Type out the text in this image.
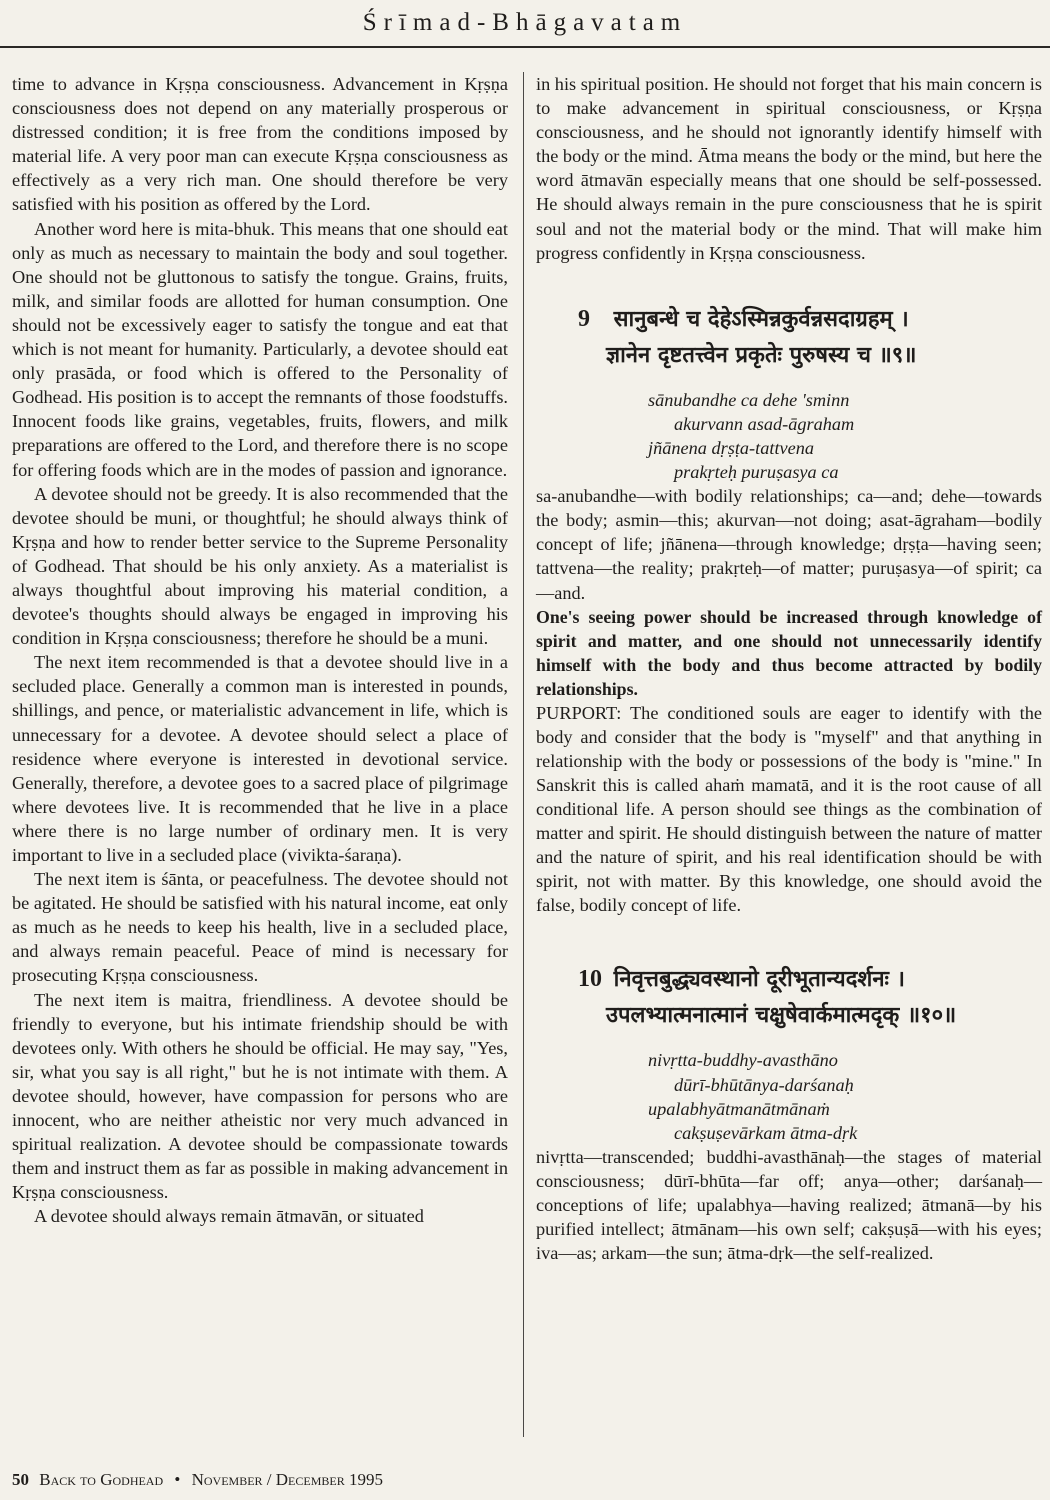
Śrīmad-Bhāgavatam

time to advance in Kṛṣṇa consciousness. Advancement in Kṛṣṇa consciousness does not depend on any materially prosperous or distressed condition; it is free from the conditions imposed by material life. A very poor man can execute Kṛṣṇa consciousness as effectively as a very rich man. One should therefore be very satisfied with his position as offered by the Lord.

Another word here is mita-bhuk. This means that one should eat only as much as necessary to maintain the body and soul together. One should not be gluttonous to satisfy the tongue. Grains, fruits, milk, and similar foods are allotted for human consumption. One should not be excessively eager to satisfy the tongue and eat that which is not meant for humanity. Particularly, a devotee should eat only prasāda, or food which is offered to the Personality of Godhead. His position is to accept the remnants of those foodstuffs. Innocent foods like grains, vegetables, fruits, flowers, and milk preparations are offered to the Lord, and therefore there is no scope for offering foods which are in the modes of passion and ignorance.

A devotee should not be greedy. It is also recommended that the devotee should be muni, or thoughtful; he should always think of Kṛṣṇa and how to render better service to the Supreme Personality of Godhead. That should be his only anxiety. As a materialist is always thoughtful about improving his material condition, a devotee's thoughts should always be engaged in improving his condition in Kṛṣṇa consciousness; therefore he should be a muni.

The next item recommended is that a devotee should live in a secluded place. Generally a common man is interested in pounds, shillings, and pence, or materialistic advancement in life, which is unnecessary for a devotee. A devotee should select a place of residence where everyone is interested in devotional service. Generally, therefore, a devotee goes to a sacred place of pilgrimage where devotees live. It is recommended that he live in a place where there is no large number of ordinary men. It is very important to live in a secluded place (vivikta-śaraṇa).

The next item is śānta, or peacefulness. The devotee should not be agitated. He should be satisfied with his natural income, eat only as much as he needs to keep his health, live in a secluded place, and always remain peaceful. Peace of mind is necessary for prosecuting Kṛṣṇa consciousness.

The next item is maitra, friendliness. A devotee should be friendly to everyone, but his intimate friendship should be with devotees only. With others he should be official. He may say, "Yes, sir, what you say is all right," but he is not intimate with them. A devotee should, however, have compassion for persons who are innocent, who are neither atheistic nor very much advanced in spiritual realization. A devotee should be compassionate towards them and instruct them as far as possible in making advancement in Kṛṣṇa consciousness.

A devotee should always remain ātmavān, or situated

in his spiritual position. He should not forget that his main concern is to make advancement in spiritual consciousness, or Kṛṣṇa consciousness, and he should not ignorantly identify himself with the body or the mind. Ātma means the body or the mind, but here the word ātmavān especially means that one should be self-possessed. He should always remain in the pure consciousness that he is spirit soul and not the material body or the mind. That will make him progress confidently in Kṛṣṇa consciousness.

9 सानुबन्धे च देहेऽस्मिन्नकुर्वन्नसदाग्रहम् ।
ज्ञानेन दृष्टतत्त्वेन प्रकृतेः पुरुषस्य च ॥९॥
sānubandhe ca dehe 'sminn
akurvann asad-āgraham
jñānena dṛṣṭa-tattvena
prakṛteḥ puruṣasya ca

sa-anubandhe—with bodily relationships; ca—and; dehe—towards the body; asmin—this; akurvan—not doing; asat-āgraham—bodily concept of life; jñānena—through knowledge; dṛṣṭa—having seen; tattvena—the reality; prakṛteḥ—of matter; puruṣasya—of spirit; ca—and.

One's seeing power should be increased through knowledge of spirit and matter, and one should not unnecessarily identify himself with the body and thus become attracted by bodily relationships.

PURPORT: The conditioned souls are eager to identify with the body and consider that the body is "myself" and that anything in relationship with the body or possessions of the body is "mine." In Sanskrit this is called ahaṁ mamatā, and it is the root cause of all conditional life. A person should see things as the combination of matter and spirit. He should distinguish between the nature of matter and the nature of spirit, and his real identification should be with spirit, not with matter. By this knowledge, one should avoid the false, bodily concept of life.

10 निवृत्तबुद्ध्यवस्थानो दूरीभूतान्यदर्शनः ।
उपलभ्यात्मनात्मानं चक्षुषेवार्कमात्मदृक् ॥१०॥
nivṛtta-buddhy-avasthāno
dūrī-bhūtānya-darśanaḥ
upalabhyātmanātmānaṁ
cakṣuṣevārkam ātma-dṛk

nivṛtta—transcended; buddhi-avasthānaḥ—the stages of material consciousness; dūrī-bhūta—far off; anya—other; darśanaḥ—conceptions of life; upalabhya—having realized; ātmanā—by his purified intellect; ātmānam—his own self; cakṣuṣā—with his eyes; iva—as; arkam—the sun; ātma-dṛk—the self-realized.

50 Back to Godhead • November / December 1995
